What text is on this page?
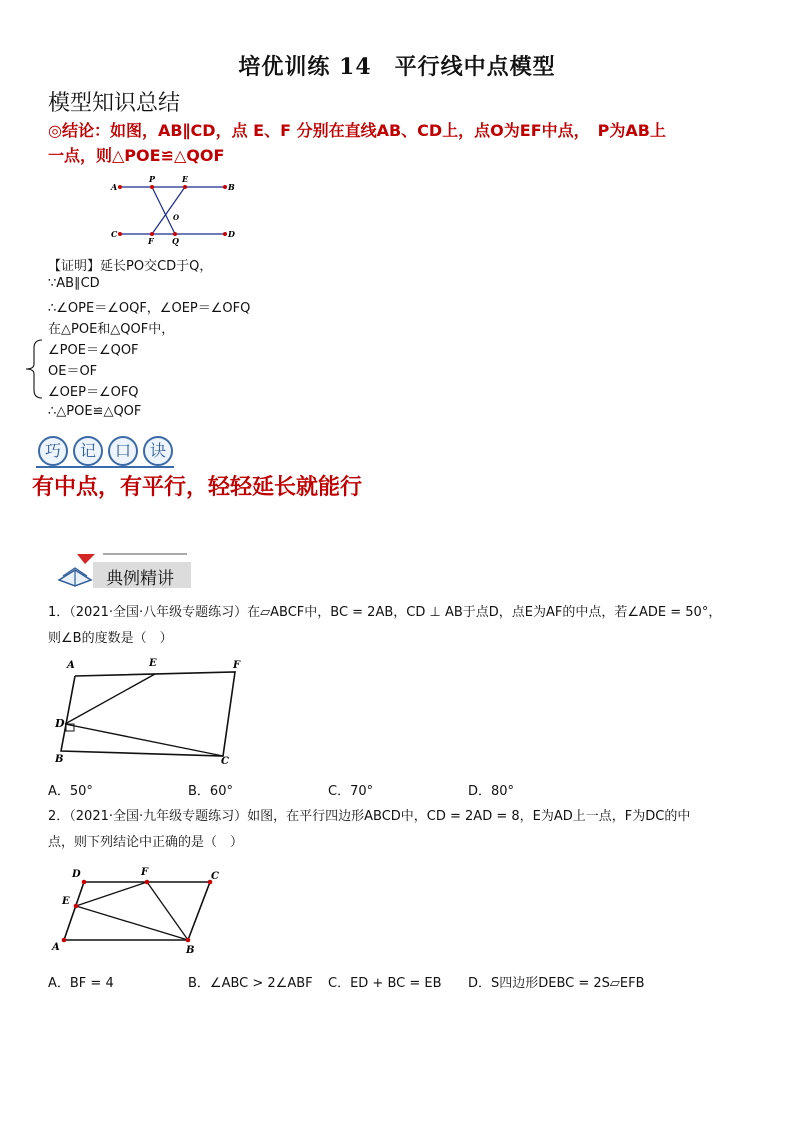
培优训练 14　平行线中点模型
模型知识总结
◎结论：如图，AB∥CD，点 E、F 分别在直线AB、CD上，点O为EF中点，　P为AB上
一点，则△POE≌△QOF
A
P	E
B
C
F Q
D
O
【证明】延长PO交CD于Q，
∵AB∥CD
∴∠OPE＝∠OQF，∠OEP＝∠OFQ
在△POE和△QOF中，
∠POE＝∠QOF
OE＝OF
∠OEP＝∠OFQ
∴△POE≌△QOF
巧 记 口 诀
有中点，有平行，轻轻延长就能行
典例精讲
1．（2021·全国·八年级专题练习）在▱ABCF中，BC = 2AB，CD ⊥ AB于点D，点E为AF的中点，若∠ADE = 50°，
则∠B的度数是（　）
A	E	F
D
B	C
A．50°	B．60°	C．70°	D．80°
2．（2021·全国·九年级专题练习）如图，在平行四边形ABCD中，CD = 2AD = 8，E为AD上一点，F为DC的中
点，则下列结论中正确的是（　）
D	F	C
E
A	B
A．BF = 4	B．∠ABC > 2∠ABF C．ED + BC = EB D．S四边形DEBC = 2S▱EFB
